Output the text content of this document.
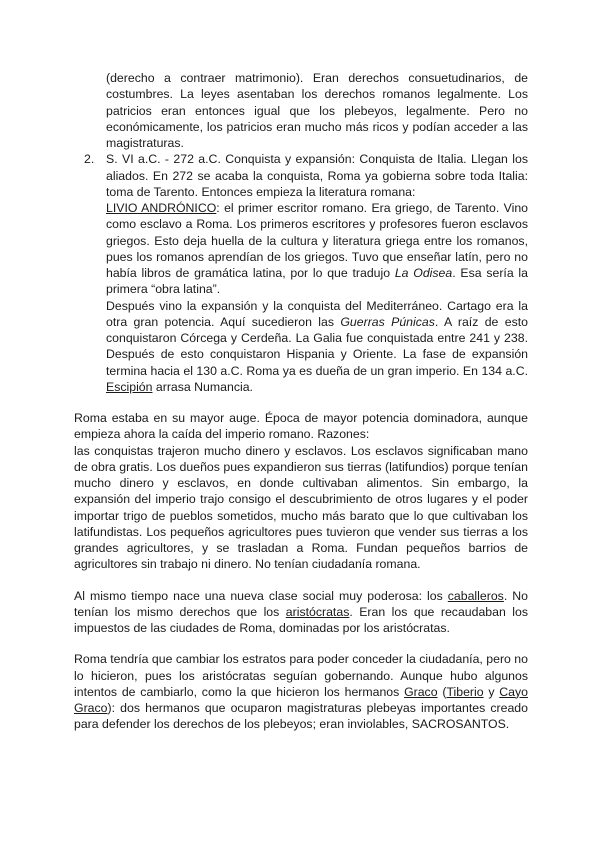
(derecho a contraer matrimonio). Eran derechos consuetudinarios, de costumbres. La leyes asentaban los derechos romanos legalmente. Los patricios eran entonces igual que los plebeyos, legalmente. Pero no económicamente, los patricios eran mucho más ricos y podían acceder a las magistraturas.

2. S. VI a.C. - 272 a.C. Conquista y expansión: Conquista de Italia. Llegan los aliados. En 272 se acaba la conquista, Roma ya gobierna sobre toda Italia: toma de Tarento. Entonces empieza la literatura romana:

LIVIO ANDRÓNICO: el primer escritor romano. Era griego, de Tarento. Vino como esclavo a Roma. Los primeros escritores y profesores fueron esclavos griegos. Esto deja huella de la cultura y literatura griega entre los romanos, pues los romanos aprendían de los griegos. Tuvo que enseñar latín, pero no había libros de gramática latina, por lo que tradujo La Odisea. Esa sería la primera “obra latina”.

Después vino la expansión y la conquista del Mediterráneo. Cartago era la otra gran potencia. Aquí sucedieron las Guerras Púnicas. A raíz de esto conquistaron Córcega y Cerdeña. La Galia fue conquistada entre 241 y 238. Después de esto conquistaron Hispania y Oriente. La fase de expansión termina hacia el 130 a.C. Roma ya es dueña de un gran imperio. En 134 a.C. Escipión arrasa Numancia.

Roma estaba en su mayor auge. Época de mayor potencia dominadora, aunque empieza ahora la caída del imperio romano. Razones:

las conquistas trajeron mucho dinero y esclavos. Los esclavos significaban mano de obra gratis. Los dueños pues expandieron sus tierras (latifundios) porque tenían mucho dinero y esclavos, en donde cultivaban alimentos. Sin embargo, la expansión del imperio trajo consigo el descubrimiento de otros lugares y el poder importar trigo de pueblos sometidos, mucho más barato que lo que cultivaban los latifundistas. Los pequeños agricultores pues tuvieron que vender sus tierras a los grandes agricultores, y se trasladan a Roma. Fundan pequeños barrios de agricultores sin trabajo ni dinero. No tenían ciudadanía romana.

Al mismo tiempo nace una nueva clase social muy poderosa: los caballeros. No tenían los mismo derechos que los aristócratas. Eran los que recaudaban los impuestos de las ciudades de Roma, dominadas por los aristócratas.

Roma tendría que cambiar los estratos para poder conceder la ciudadanía, pero no lo hicieron, pues los aristócratas seguían gobernando. Aunque hubo algunos intentos de cambiarlo, como la que hicieron los hermanos Graco (Tiberio y Cayo Graco): dos hermanos que ocuparon magistraturas plebeyas importantes creado para defender los derechos de los plebeyos; eran inviolables, SACROSANTOS.
